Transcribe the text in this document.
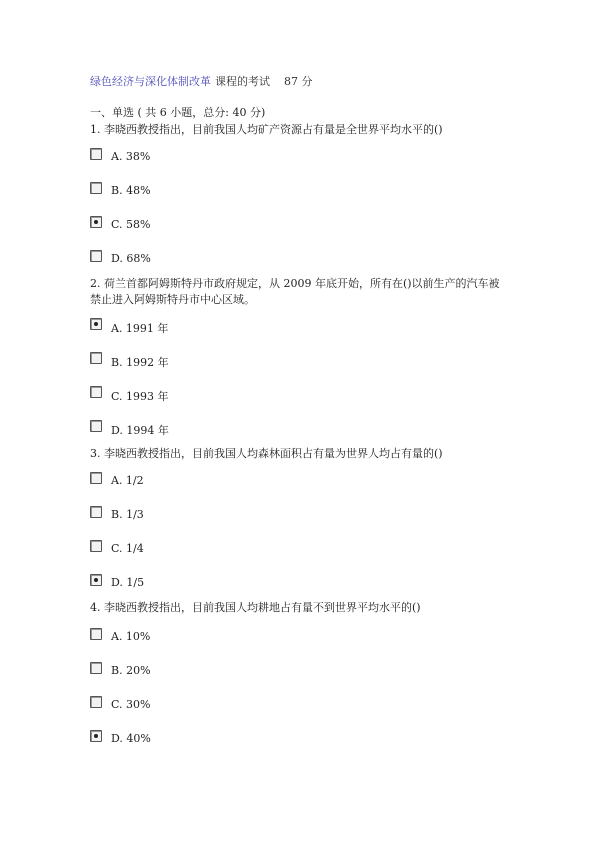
绿色经济与深化体制改革 课程的考试 87 分
一、单选 ( 共 6 小题，总分: 40 分)
1. 李晓西教授指出，目前我国人均矿产资源占有量是全世界平均水平的()
A. 38%
B. 48%
C. 58%
D. 68%
2. 荷兰首都阿姆斯特丹市政府规定，从 2009 年底开始，所有在()以前生产的汽车被禁止进入阿姆斯特丹市中心区域。
A. 1991 年
B. 1992 年
C. 1993 年
D. 1994 年
3. 李晓西教授指出，目前我国人均森林面积占有量为世界人均占有量的()
A. 1/2
B. 1/3
C. 1/4
D. 1/5
4. 李晓西教授指出，目前我国人均耕地占有量不到世界平均水平的()
A. 10%
B. 20%
C. 30%
D. 40%
